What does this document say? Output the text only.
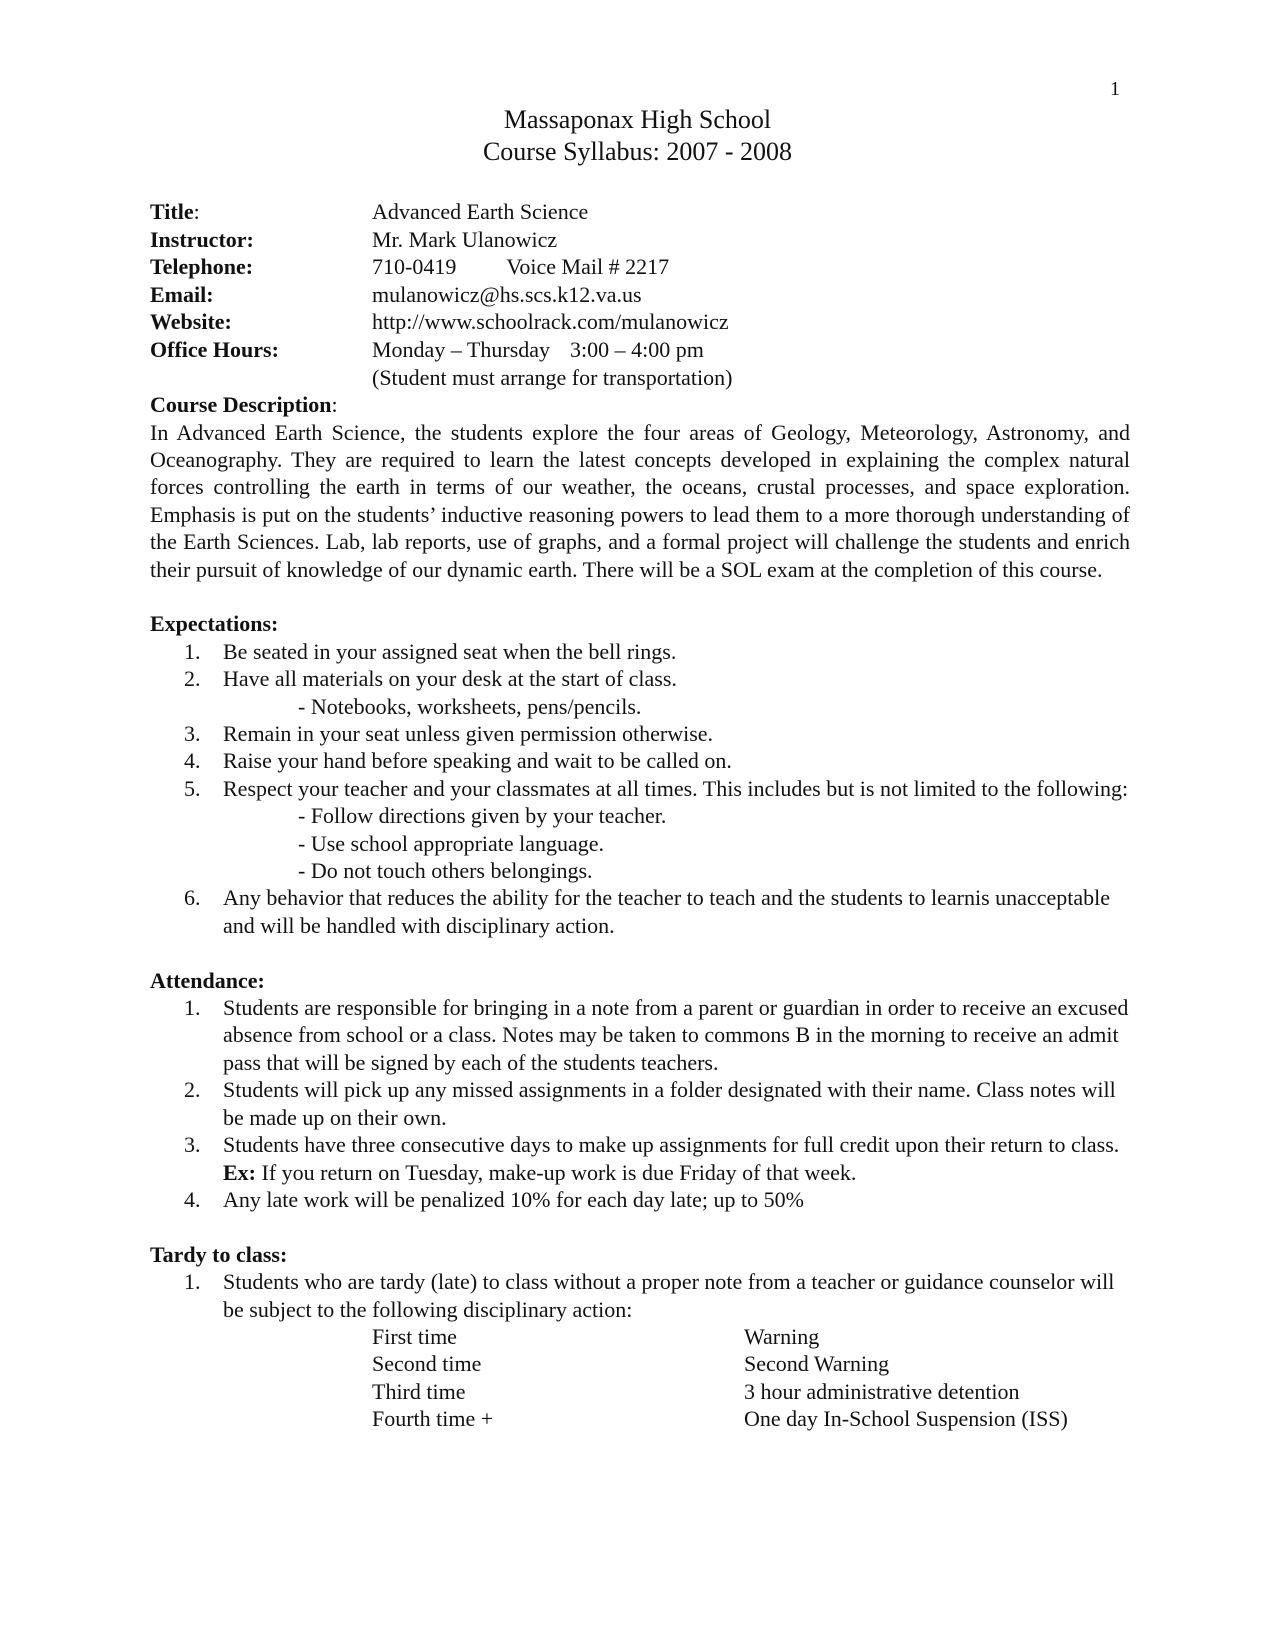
1
Massaponax High School
Course Syllabus: 2007 - 2008
Title:	Advanced Earth Science
Instructor:	Mr. Mark Ulanowicz
Telephone:	710-0419 Voice Mail # 2217
Email:	mulanowicz@hs.scs.k12.va.us
Website:	http://www.schoolrack.com/mulanowicz
Office Hours:	Monday – Thursday 3:00 – 4:00 pm
(Student must arrange for transportation)
Course Description:
In Advanced Earth Science, the students explore the four areas of Geology, Meteorology, Astronomy, and Oceanography. They are required to learn the latest concepts developed in explaining the complex natural forces controlling the earth in terms of our weather, the oceans, crustal processes, and space exploration. Emphasis is put on the students’ inductive reasoning powers to lead them to a more thorough understanding of the Earth Sciences. Lab, lab reports, use of graphs, and a formal project will challenge the students and enrich their pursuit of knowledge of our dynamic earth. There will be a SOL exam at the completion of this course.
Expectations:
1. Be seated in your assigned seat when the bell rings.
2. Have all materials on your desk at the start of class.
- Notebooks, worksheets, pens/pencils.
3. Remain in your seat unless given permission otherwise.
4. Raise your hand before speaking and wait to be called on.
5. Respect your teacher and your classmates at all times. This includes but is not limited to the following:
- Follow directions given by your teacher.
- Use school appropriate language.
- Do not touch others belongings.
6. Any behavior that reduces the ability for the teacher to teach and the students to learnis unacceptable and will be handled with disciplinary action.
Attendance:
1. Students are responsible for bringing in a note from a parent or guardian in order to receive an excused absence from school or a class. Notes may be taken to commons B in the morning to receive an admit pass that will be signed by each of the students teachers.
2. Students will pick up any missed assignments in a folder designated with their name. Class notes will be made up on their own.
3. Students have three consecutive days to make up assignments for full credit upon their return to class. Ex: If you return on Tuesday, make-up work is due Friday of that week.
4. Any late work will be penalized 10% for each day late; up to 50%
Tardy to class:
1. Students who are tardy (late) to class without a proper note from a teacher or guidance counselor will be subject to the following disciplinary action:
First time	Warning
Second time	Second Warning
Third time	3 hour administrative detention
Fourth time +	One day In-School Suspension (ISS)
